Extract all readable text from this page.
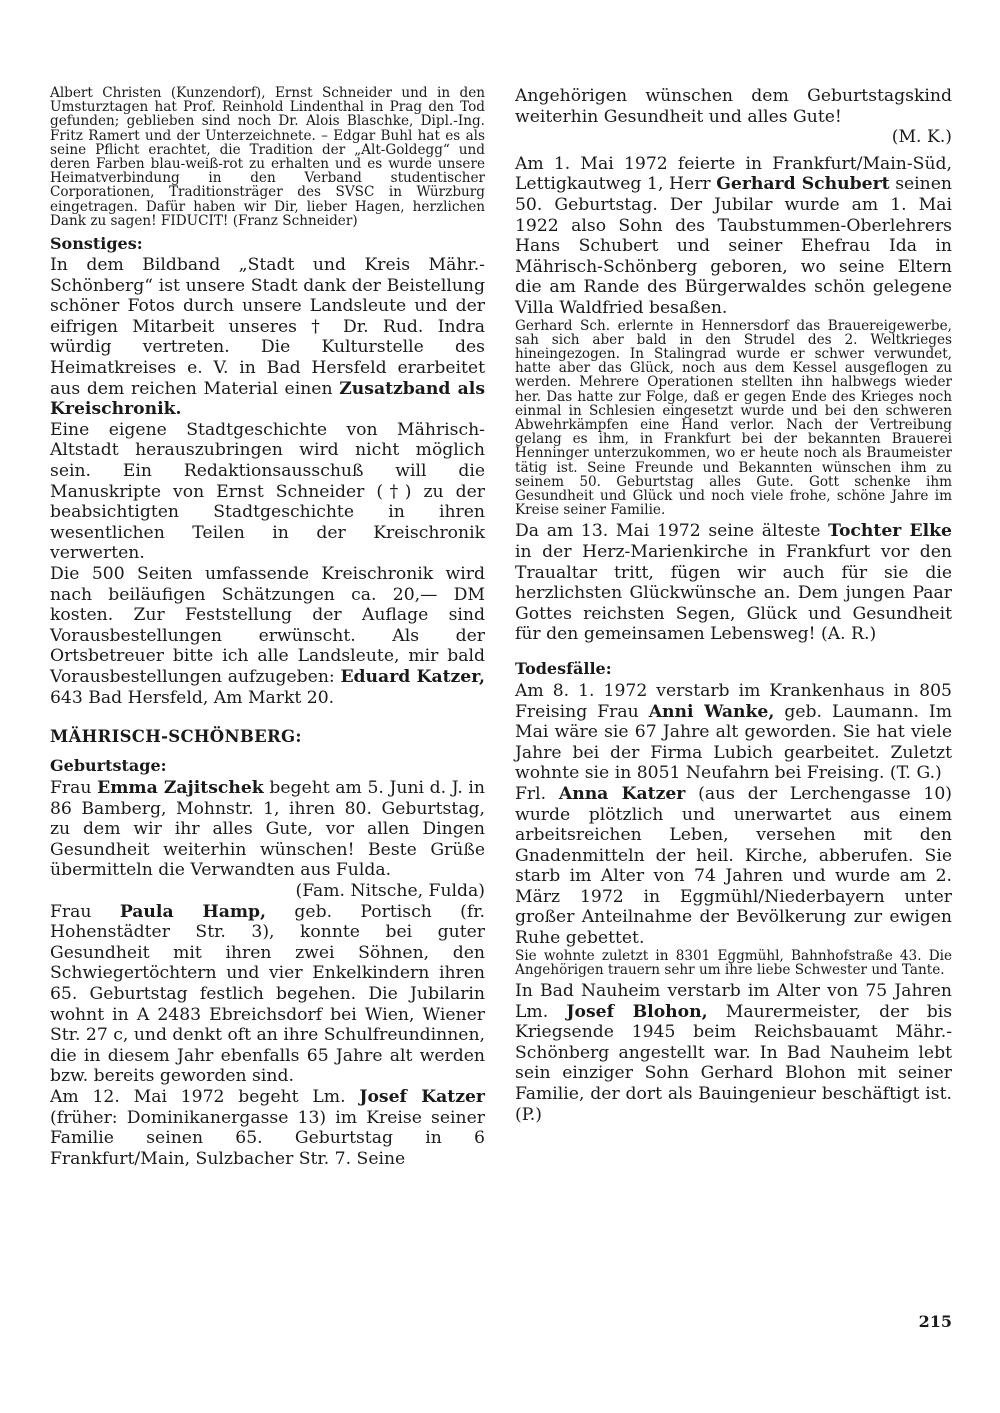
Albert Christen (Kunzendorf), Ernst Schneider und in den Umsturztagen hat Prof. Reinhold Lindenthal in Prag den Tod gefunden; geblieben sind noch Dr. Alois Blaschke, Dipl.-Ing. Fritz Ramert und der Unterzeichnete. – Edgar Buhl hat es als seine Pflicht erachtet, die Tradition der „Alt-Goldegg“ und deren Farben blau-weiß-rot zu erhalten und es wurde unsere Heimatverbindung in den Verband studentischer Corporationen, Traditionsträger des SVSC in Würzburg eingetragen. Dafür haben wir Dir, lieber Hagen, herzlichen Dank zu sagen! FIDUCIT! (Franz Schneider)

Sonstiges:

In dem Bildband „Stadt und Kreis Mähr.-Schönberg“ ist unsere Stadt dank der Beistellung schöner Fotos durch unsere Landsleute und der eifrigen Mitarbeit unseres † Dr. Rud. Indra würdig vertreten. Die Kulturstelle des Heimatkreises e. V. in Bad Hersfeld erarbeitet aus dem reichen Material einen Zusatzband als Kreischronik.

Eine eigene Stadtgeschichte von Mährisch-Altstadt herauszubringen wird nicht möglich sein. Ein Redaktionsausschuß will die Manuskripte von Ernst Schneider (†) zu der beabsichtigten Stadtgeschichte in ihren wesentlichen Teilen in der Kreischronik verwerten.

Die 500 Seiten umfassende Kreischronik wird nach beiläufigen Schätzungen ca. 20,— DM kosten. Zur Feststellung der Auflage sind Vorausbestellungen erwünscht. Als der Ortsbetreuer bitte ich alle Landsleute, mir bald Vorausbestellungen aufzugeben: Eduard Katzer, 643 Bad Hersfeld, Am Markt 20.

MÄHRISCH-SCHÖNBERG:

Geburtstage:

Frau Emma Zajitschek begeht am 5. Juni d. J. in 86 Bamberg, Mohnstr. 1, ihren 80. Geburtstag, zu dem wir ihr alles Gute, vor allen Dingen Gesundheit weiterhin wünschen! Beste Grüße übermitteln die Verwandten aus Fulda.

(Fam. Nitsche, Fulda)

Frau Paula Hamp, geb. Portisch (fr. Hohenstädter Str. 3), konnte bei guter Gesundheit mit ihren zwei Söhnen, den Schwiegertöchtern und vier Enkelkindern ihren 65. Geburtstag festlich begehen. Die Jubilarin wohnt in A 2483 Ebreichsdorf bei Wien, Wiener Str. 27 c, und denkt oft an ihre Schulfreundinnen, die in diesem Jahr ebenfalls 65 Jahre alt werden bzw. bereits geworden sind.

Am 12. Mai 1972 begeht Lm. Josef Katzer (früher: Dominikanergasse 13) im Kreise seiner Familie seinen 65. Geburtstag in 6 Frankfurt/Main, Sulzbacher Str. 7. Seine

Angehörigen wünschen dem Geburtstagskind weiterhin Gesundheit und alles Gute!

(M. K.)

Am 1. Mai 1972 feierte in Frankfurt/Main-Süd, Lettigkautweg 1, Herr Gerhard Schubert seinen 50. Geburtstag. Der Jubilar wurde am 1. Mai 1922 also Sohn des Taubstummen-Oberlehrers Hans Schubert und seiner Ehefrau Ida in Mährisch-Schönberg geboren, wo seine Eltern die am Rande des Bürgerwaldes schön gelegene Villa Waldfried besaßen.

Gerhard Sch. erlernte in Hennersdorf das Brauereigewerbe, sah sich aber bald in den Strudel des 2. Weltkrieges hineingezogen. In Stalingrad wurde er schwer verwundet, hatte aber das Glück, noch aus dem Kessel ausgeflogen zu werden. Mehrere Operationen stellten ihn halbwegs wieder her. Das hatte zur Folge, daß er gegen Ende des Krieges noch einmal in Schlesien eingesetzt wurde und bei den schweren Abwehrkämpfen eine Hand verlor. Nach der Vertreibung gelang es ihm, in Frankfurt bei der bekannten Brauerei Henninger unterzukommen, wo er heute noch als Braumeister tätig ist. Seine Freunde und Bekannten wünschen ihm zu seinem 50. Geburtstag alles Gute. Gott schenke ihm Gesundheit und Glück und noch viele frohe, schöne Jahre im Kreise seiner Familie.

Da am 13. Mai 1972 seine älteste Tochter Elke in der Herz-Marienkirche in Frankfurt vor den Traualtar tritt, fügen wir auch für sie die herzlichsten Glückwünsche an. Dem jungen Paar Gottes reichsten Segen, Glück und Gesundheit für den gemeinsamen Lebensweg! (A. R.)

Todesfälle:

Am 8. 1. 1972 verstarb im Krankenhaus in 805 Freising Frau Anni Wanke, geb. Laumann. Im Mai wäre sie 67 Jahre alt geworden. Sie hat viele Jahre bei der Firma Lubich gearbeitet. Zuletzt wohnte sie in 8051 Neufahrn bei Freising. (T. G.)

Frl. Anna Katzer (aus der Lerchengasse 10) wurde plötzlich und unerwartet aus einem arbeitsreichen Leben, versehen mit den Gnadenmitteln der heil. Kirche, abberufen. Sie starb im Alter von 74 Jahren und wurde am 2. März 1972 in Eggmühl/Niederbayern unter großer Anteilnahme der Bevölkerung zur ewigen Ruhe gebettet.

Sie wohnte zuletzt in 8301 Eggmühl, Bahnhofstraße 43. Die Angehörigen trauern sehr um ihre liebe Schwester und Tante.

In Bad Nauheim verstarb im Alter von 75 Jahren Lm. Josef Blohon, Maurermeister, der bis Kriegsende 1945 beim Reichsbauamt Mähr.-Schönberg angestellt war. In Bad Nauheim lebt sein einziger Sohn Gerhard Blohon mit seiner Familie, der dort als Bauingenieur beschäftigt ist. (P.)

215
